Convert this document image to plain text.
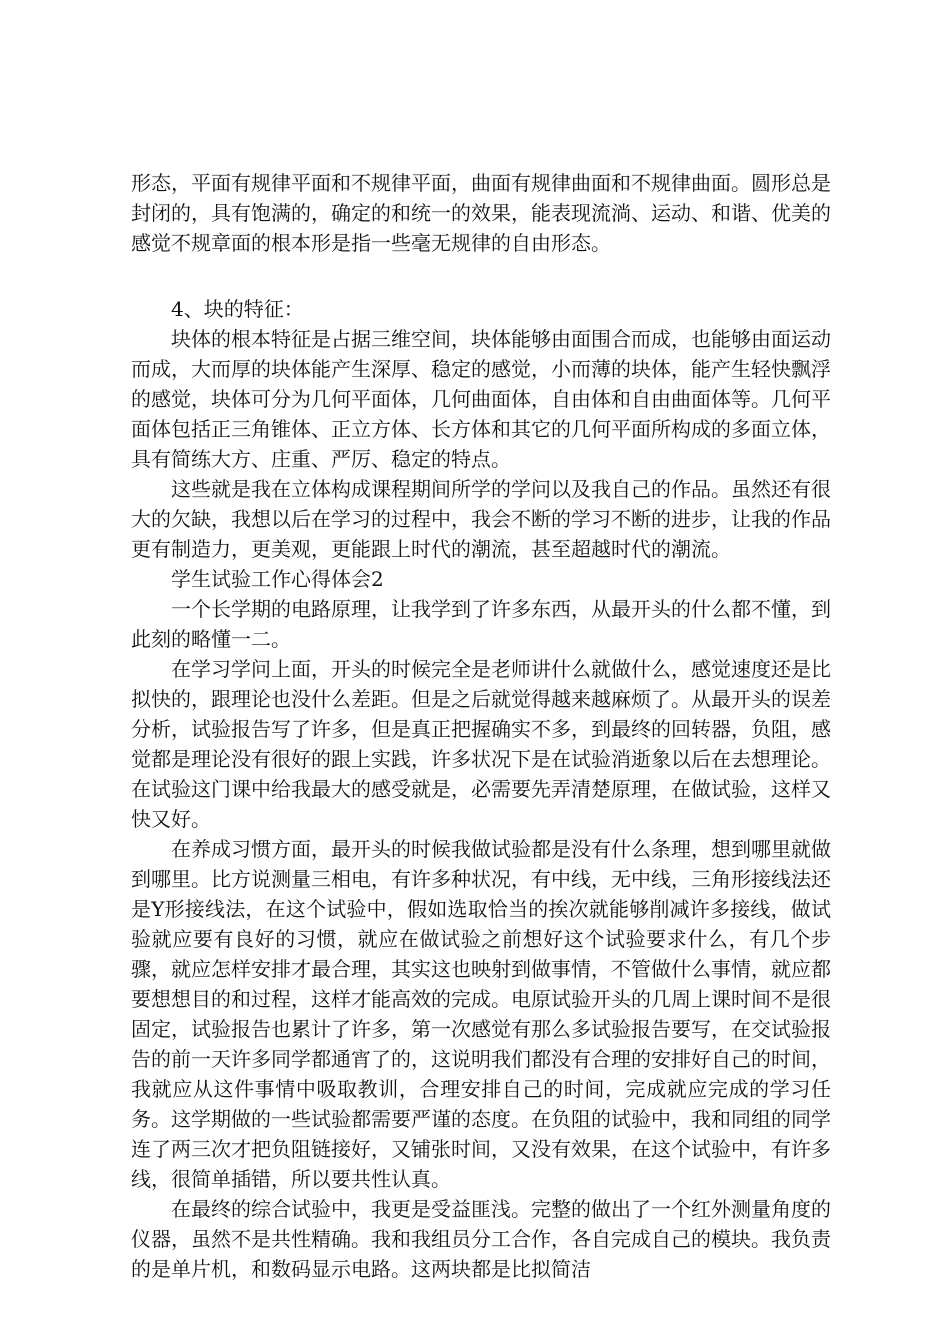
形态，平面有规律平面和不规律平面，曲面有规律曲面和不规律曲面。圆形总是封闭的，具有饱满的，确定的和统一的效果，能表现流淌、运动、和谐、优美的感觉不规章面的根本形是指一些毫无规律的自由形态。

4、块的特征：

块体的根本特征是占据三维空间，块体能够由面围合而成，也能够由面运动而成，大而厚的块体能产生深厚、稳定的感觉，小而薄的块体，能产生轻快飘浮的感觉，块体可分为几何平面体，几何曲面体，自由体和自由曲面体等。几何平面体包括正三角锥体、正立方体、长方体和其它的几何平面所构成的多面立体，具有简练大方、庄重、严厉、稳定的特点。

这些就是我在立体构成课程期间所学的学问以及我自己的作品。虽然还有很大的欠缺，我想以后在学习的过程中，我会不断的学习不断的进步，让我的作品更有制造力，更美观，更能跟上时代的潮流，甚至超越时代的潮流。

学生试验工作心得体会2

一个长学期的电路原理，让我学到了许多东西，从最开头的什么都不懂，到此刻的略懂一二。

在学习学问上面，开头的时候完全是老师讲什么就做什么，感觉速度还是比拟快的，跟理论也没什么差距。但是之后就觉得越来越麻烦了。从最开头的误差分析，试验报告写了许多，但是真正把握确实不多，到最终的回转器，负阻，感觉都是理论没有很好的跟上实践，许多状况下是在试验消逝象以后在去想理论。在试验这门课中给我最大的感受就是，必需要先弄清楚原理，在做试验，这样又快又好。

在养成习惯方面，最开头的时候我做试验都是没有什么条理，想到哪里就做到哪里。比方说测量三相电，有许多种状况，有中线，无中线，三角形接线法还是Y形接线法，在这个试验中，假如选取恰当的挨次就能够削减许多接线，做试验就应要有良好的习惯，就应在做试验之前想好这个试验要求什么，有几个步骤，就应怎样安排才最合理，其实这也映射到做事情，不管做什么事情，就应都要想想目的和过程，这样才能高效的完成。电原试验开头的几周上课时间不是很固定，试验报告也累计了许多，第一次感觉有那么多试验报告要写，在交试验报告的前一天许多同学都通宵了的，这说明我们都没有合理的安排好自己的时间，我就应从这件事情中吸取教训，合理安排自己的时间，完成就应完成的学习任务。这学期做的一些试验都需要严谨的态度。在负阻的试验中，我和同组的同学连了两三次才把负阻链接好，又铺张时间，又没有效果，在这个试验中，有许多线，很简单插错，所以要共性认真。

在最终的综合试验中，我更是受益匪浅。完整的做出了一个红外测量角度的仪器，虽然不是共性精确。我和我组员分工合作，各自完成自己的模块。我负责的是单片机，和数码显示电路。这两块都是比拟简洁
